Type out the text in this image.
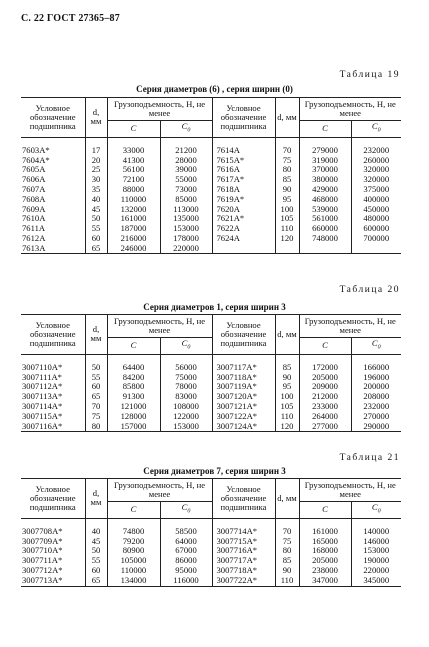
С. 22 ГОСТ 27365–87
Таблица 19
Серия диаметров (6) , серия ширин (0)
Условное обозначение подшипника	d, мм	Грузоподъемность, Н, не менее		Условное обозначение подшипника	d, мм	Грузоподъемность, Н, не менее	
		C	$C_0$			C	$C_0$

7603А*	17	33000	21200	7614А	70	279000	232000
7604А*	20	41300	28000	7615А*	75	319000	260000
7605А	25	56100	39000	7616А	80	370000	320000
7606А	30	72100	55000	7617А*	85	380000	320000
7607А	35	88000	73000	7618А	90	429000	375000
7608А	40	110000	85000	7619А*	95	468000	400000
7609А	45	132000	113000	7620А	100	539000	450000
7610А	50	161000	135000	7621А*	105	561000	480000
7611А	55	187000	153000	7622А	110	660000	600000
7612А	60	216000	178000	7624А	120	748000	700000
7613А	65	246000	220000				
Таблица 20
Серия диаметров 1, серия ширин 3
Условное обозначение подшипника	d, мм	Грузоподъемность, Н, не менее		Условное обозначение подшипника	d, мм	Грузоподъемность, Н, не менее	
		C	$C_0$			C	$C_0$

3007110А*	50	64400	56000	3007117А*	85	172000	166000
3007111А*	55	84200	75000	3007118А*	90	205000	196000
3007112А*	60	85800	78000	3007119А*	95	209000	200000
3007113А*	65	91300	83000	3007120А*	100	212000	208000
3007114А*	70	121000	108000	3007121А*	105	233000	232000
3007115А*	75	128000	122000	3007122А*	110	264000	270000
3007116А*	80	157000	153000	3007124А*	120	277000	290000
Таблица 21
Серия диаметров 7, серия ширин 3
Условное обозначение подшипника	d, мм	Грузоподъемность, Н, не менее		Условное обозначение подшипника	d, мм	Грузоподъемность, Н, не менее	
		C	$C_0$			C	$C_0$

3007708А*	40	74800	58500	3007714А*	70	161000	140000
3007709А*	45	79200	64000	3007715А*	75	165000	146000
3007710А*	50	80900	67000	3007716А*	80	168000	153000
3007711А*	55	105000	86000	3007717А*	85	205000	190000
3007712А*	60	110000	95000	3007718А*	90	238000	220000
3007713А*	65	134000	116000	3007722А*	110	347000	345000
